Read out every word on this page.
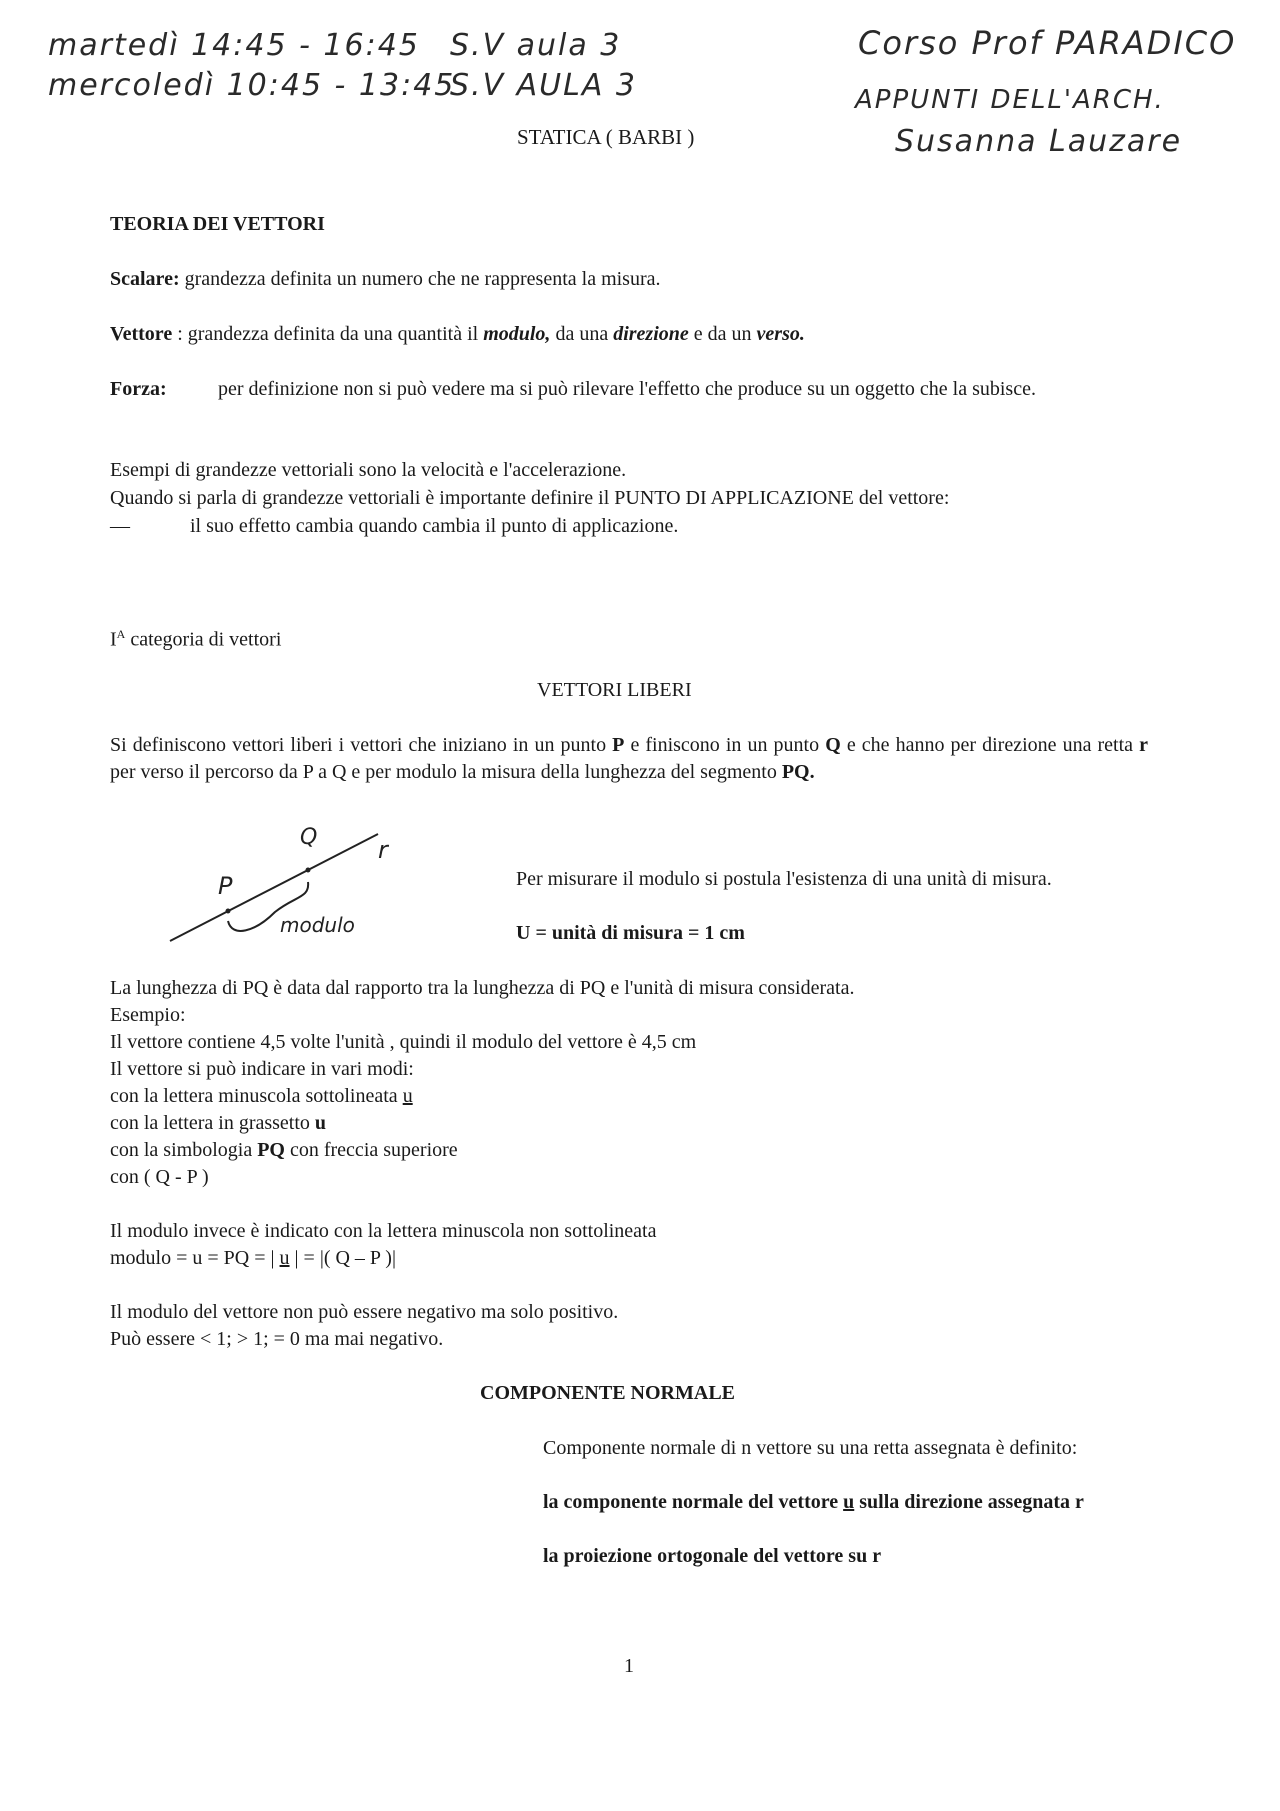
martedì 14:45 - 16:45 S.V aula 3
mercoledì 10:45 - 13:45
S.V AULA 3
Corso Prof PARADICO
APPUNTI DELL'ARCH.
Susanna Lauzare
STATICA ( BARBI )
TEORIA DEI VETTORI

Scalare: grandezza definita un numero che ne rappresenta la misura.

Vettore : grandezza definita da una quantità il modulo, da una direzione e da un verso.

Forza:	per definizione non si può vedere ma si può rilevare l'effetto che produce su un oggetto che la subisce.

Esempi di grandezze vettoriali sono la velocità e l'accelerazione.

Quando si parla di grandezze vettoriali è importante definire il PUNTO DI APPLICAZIONE del vettore:

—	il suo effetto cambia quando cambia il punto di applicazione.

$I^A$ categoria di vettori

VETTORI LIBERI

Si definiscono vettori liberi i vettori che iniziano in un punto P e finiscono in un punto Q e che hanno per direzione una retta r per verso il percorso da P a Q e per modulo la misura della lunghezza del segmento PQ.

Q	r
P
modulo

Per misurare il modulo si postula l'esistenza di una unità di misura.

U = unità di misura = 1 cm

La lunghezza di PQ è data dal rapporto tra la lunghezza di PQ e l'unità di misura considerata.

Esempio:

Il vettore contiene 4,5 volte l'unità , quindi il modulo del vettore è 4,5 cm

Il vettore si può indicare in vari modi:

con la lettera minuscola sottolineata u

con la lettera in grassetto u

con la simbologia PQ con freccia superiore

con ( Q - P )

Il modulo invece è indicato con la lettera minuscola non sottolineata

modulo = u = PQ = | u | = |( Q – P )|

Il modulo del vettore non può essere negativo ma solo positivo.

Può essere < 1; > 1; = 0 ma mai negativo.

COMPONENTE NORMALE

Componente normale di n vettore su una retta assegnata è definito:

la componente normale del vettore u sulla direzione assegnata r

la proiezione ortogonale del vettore su r

1
